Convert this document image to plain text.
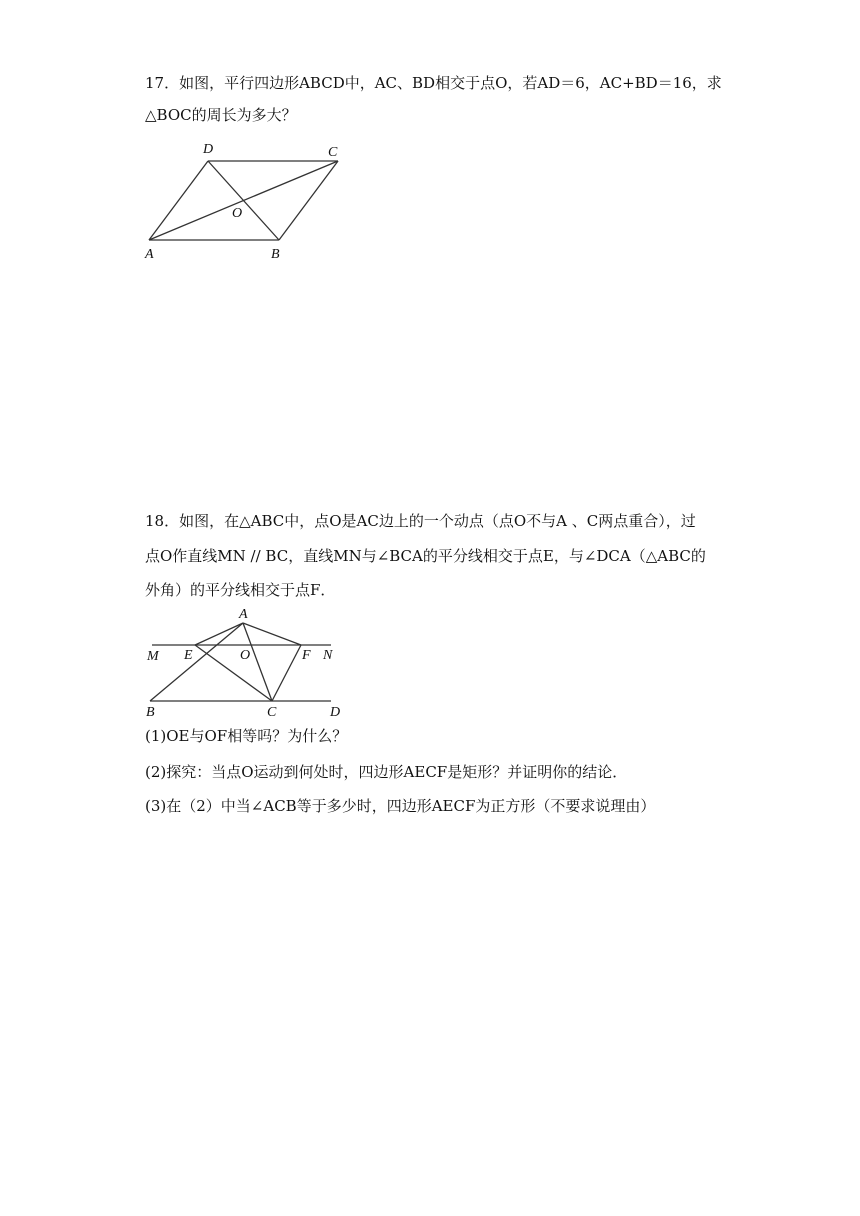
17．如图，平行四边形ABCD中，AC、BD相交于点O，若AD＝6，AC+BD＝16，求
△BOC的周长为多大？
D	C
O
A	B
18．如图，在△ABC中，点O是AC边上的一个动点（点O不与A 、C两点重合），过
点O作直线MN // BC，直线MN与∠BCA的平分线相交于点E，与∠DCA（△ABC的
外角）的平分线相交于点F．
A
M E	O	F N
B	C	D
(1)OE与OF相等吗？为什么？
(2)探究：当点O运动到何处时，四边形AECF是矩形？并证明你的结论．
(3)在（2）中当∠ACB等于多少时，四边形AECF为正方形（不要求说理由）
